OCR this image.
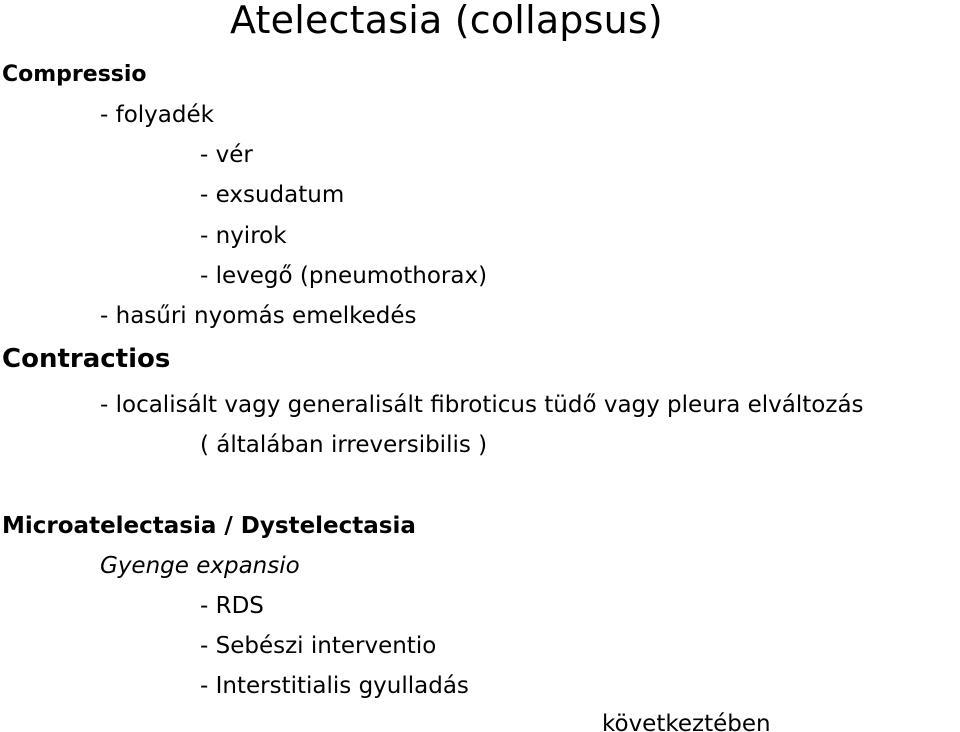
Atelectasia (collapsus)
Compressio
- folyadék
- vér
- exsudatum
- nyirok
- levegő (pneumothorax)
- hasűri nyomás emelkedés
Contractios
- localisált vagy generalisált fibroticus tüdő vagy pleura elváltozás
( általában irreversibilis )
Microatelectasia / Dystelectasia
Gyenge expansio
- RDS
- Sebészi interventio
- Interstitialis gyulladás
következtében
